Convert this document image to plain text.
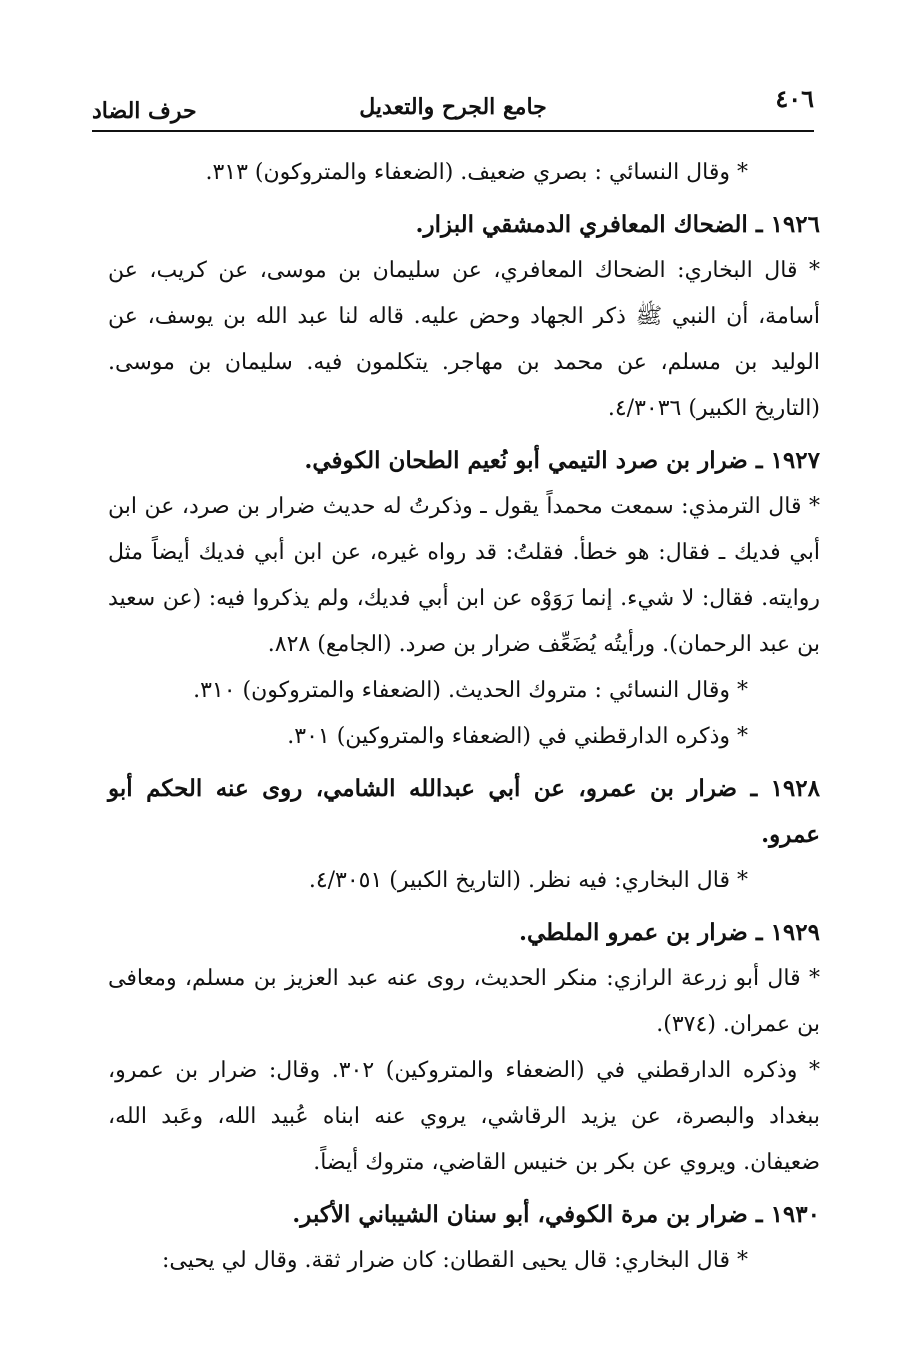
٤٠٦
جامع الجرح والتعديل
حرف الضاد

* وقال النسائي : بصري ضعيف. (الضعفاء والمتروكون) ٣١٣.

١٩٢٦ ـ الضحاك المعافري الدمشقي البزار.

* قال البخاري: الضحاك المعافري، عن سليمان بن موسى، عن كريب، عن أسامة، أن النبي ﷺ ذكر الجهاد وحض عليه. قاله لنا عبد الله بن يوسف، عن الوليد بن مسلم، عن محمد بن مهاجر. يتكلمون فيه. سليمان بن موسى. (التاريخ الكبير) ٤/٣٠٣٦.

١٩٢٧ ـ ضرار بن صرد التيمي أبو نُعيم الطحان الكوفي.

* قال الترمذي: سمعت محمداً يقول ـ وذكرتُ له حديث ضرار بن صرد، عن ابن أبي فديك ـ فقال: هو خطأ. فقلتُ: قد رواه غيره، عن ابن أبي فديك أيضاً مثل روايته. فقال: لا شيء. إنما رَوَوْه عن ابن أبي فديك، ولم يذكروا فيه: (عن سعيد بن عبد الرحمان). ورأيتُه يُضَعِّف ضرار بن صرد. (الجامع) ٨٢٨.

* وقال النسائي : متروك الحديث. (الضعفاء والمتروكون) ٣١٠.

* وذكره الدارقطني في (الضعفاء والمتروكين) ٣٠١.

١٩٢٨ ـ ضرار بن عمرو، عن أبي عبدالله الشامي، روى عنه الحكم أبو عمرو.

* قال البخاري: فيه نظر. (التاريخ الكبير) ٤/٣٠٥١.

١٩٢٩ ـ ضرار بن عمرو الملطي.

* قال أبو زرعة الرازي: منكر الحديث، روى عنه عبد العزيز بن مسلم، ومعافى بن عمران. (٣٧٤).

* وذكره الدارقطني في (الضعفاء والمتروكين) ٣٠٢. وقال: ضرار بن عمرو، ببغداد والبصرة، عن يزيد الرقاشي، يروي عنه ابناه عُبيد الله، وعَبد الله، ضعيفان. ويروي عن بكر بن خنيس القاضي، متروك أيضاً.

١٩٣٠ ـ ضرار بن مرة الكوفي، أبو سنان الشيباني الأكبر.

* قال البخاري: قال يحيى القطان: كان ضرار ثقة. وقال لي يحيى:
